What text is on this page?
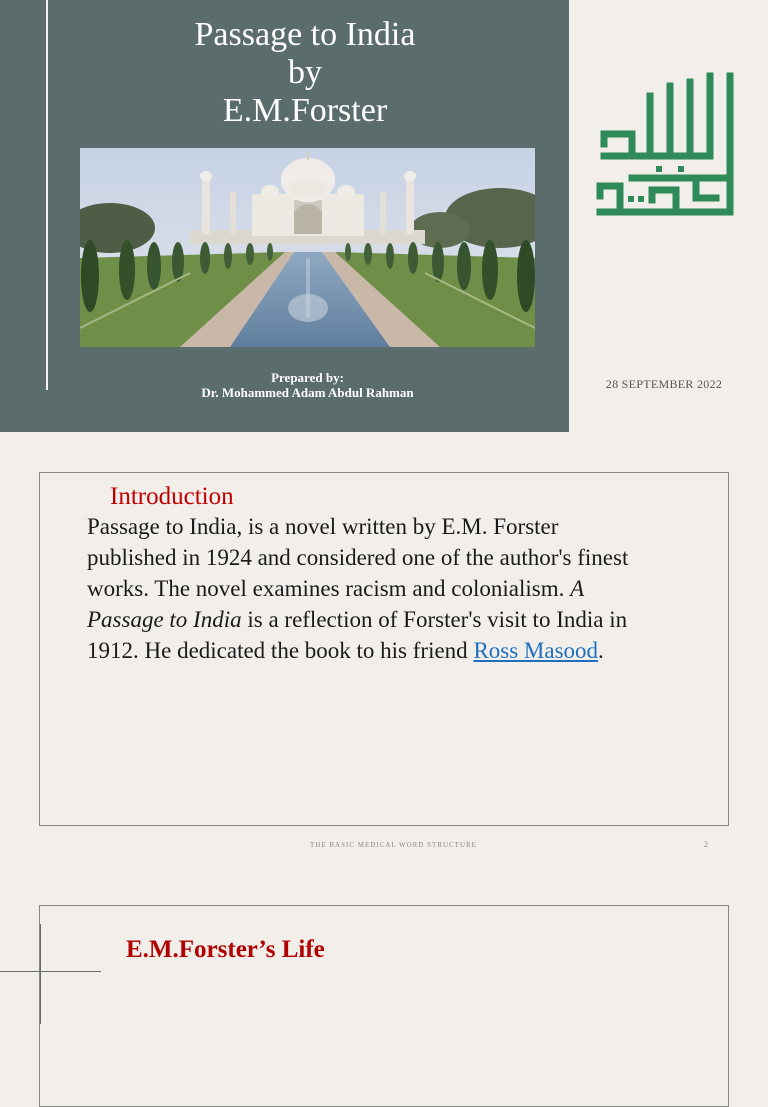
Passage to India
by
E.M.Forster
Prepared by:
Dr. Mohammed Adam Abdul Rahman
28 SEPTEMBER 2022
Introduction
Passage to India, is a novel written by E.M. Forster published in 1924 and considered one of the author's finest works. The novel examines racism and colonialism. A Passage to India is a reflection of Forster's visit to India in 1912. He dedicated the book to his friend Ross Masood.
THE BASIC MEDICAL WORD STRUCTURE	2
E.M.Forster’s Life
